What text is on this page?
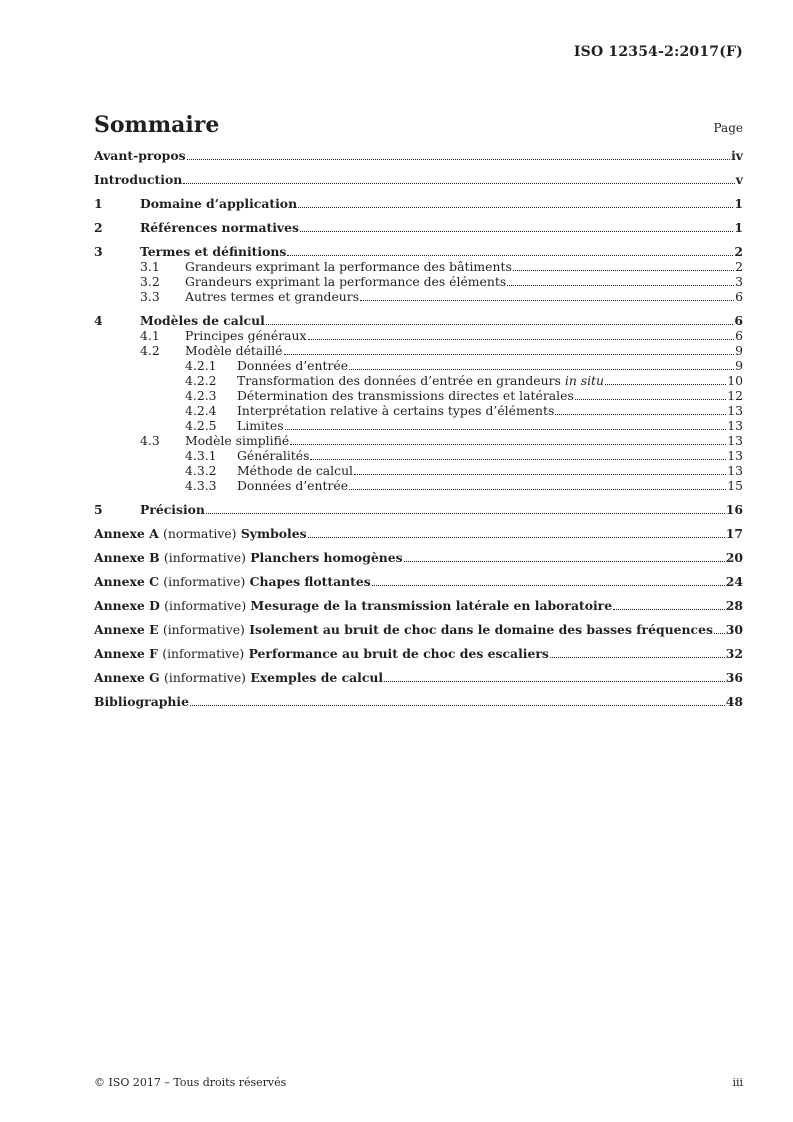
ISO 12354-2:2017(F)
Sommaire	Page
Avant-propos	iv
Introduction	v
1	Domaine d’application	1
2	Références normatives	1
3	Termes et définitions	2
3.1	Grandeurs exprimant la performance des bâtiments	2
3.2	Grandeurs exprimant la performance des éléments	3
3.3	Autres termes et grandeurs	6
4	Modèles de calcul	6
4.1	Principes généraux	6
4.2	Modèle détaillé	9
4.2.1	Données d’entrée	9
4.2.2	Transformation des données d’entrée en grandeurs in situ	10
4.2.3	Détermination des transmissions directes et latérales	12
4.2.4	Interprétation relative à certains types d’éléments	13
4.2.5	Limites	13
4.3	Modèle simplifié	13
4.3.1	Généralités	13
4.3.2	Méthode de calcul	13
4.3.3	Données d’entrée	15
5	Précision	16
Annexe A (normative) Symboles	17
Annexe B (informative) Planchers homogènes	20
Annexe C (informative) Chapes flottantes	24
Annexe D (informative) Mesurage de la transmission latérale en laboratoire	28
Annexe E (informative) Isolement au bruit de choc dans le domaine des basses fréquences 30
Annexe F (informative) Performance au bruit de choc des escaliers	32
Annexe G (informative) Exemples de calcul	36
Bibliographie	48
© ISO 2017 – Tous droits réservés	iii
